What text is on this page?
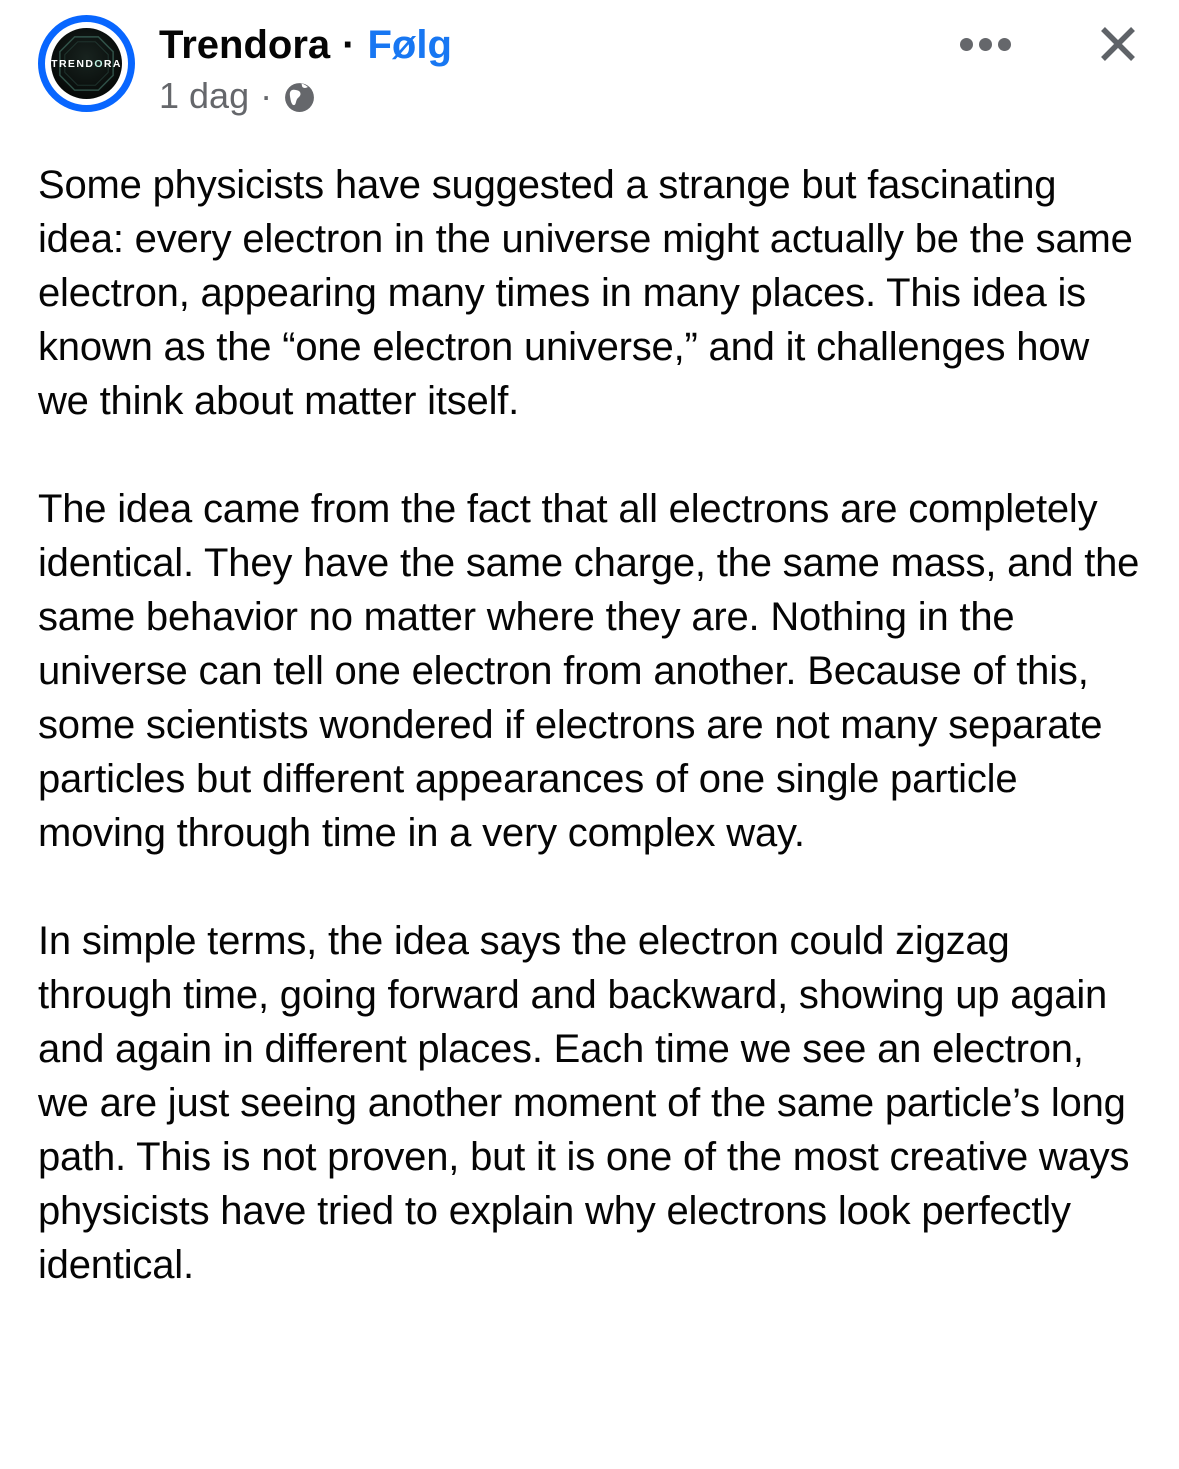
TRENDORA Trendora · Følg
1 dag ·

Some physicists have suggested a strange but fascinating idea: every electron in the universe might actually be the same electron, appearing many times in many places. This idea is known as the “one electron universe,” and it challenges how we think about matter itself.

The idea came from the fact that all electrons are completely identical. They have the same charge, the same mass, and the same behavior no matter where they are. Nothing in the universe can tell one electron from another. Because of this, some scientists wondered if electrons are not many separate particles but different appearances of one single particle moving through time in a very complex way.

In simple terms, the idea says the electron could zigzag through time, going forward and backward, showing up again and again in different places. Each time we see an electron, we are just seeing another moment of the same particle’s long path. This is not proven, but it is one of the most creative ways physicists have tried to explain why electrons look perfectly identical.
